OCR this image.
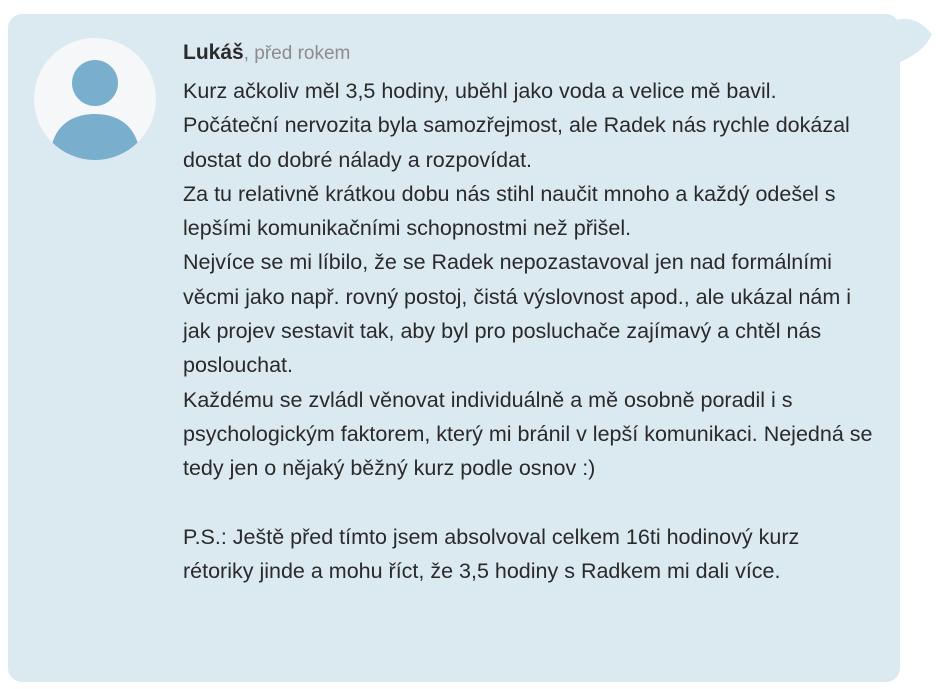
Lukáš, před rokem

Kurz ačkoliv měl 3,5 hodiny, uběhl jako voda a velice mě bavil. Počáteční nervozita byla samozřejmost, ale Radek nás rychle dokázal dostat do dobré nálady a rozpovídat.

Za tu relativně krátkou dobu nás stihl naučit mnoho a každý odešel s lepšími komunikačními schopnostmi než přišel.

Nejvíce se mi líbilo, že se Radek nepozastavoval jen nad formálními věcmi jako např. rovný postoj, čistá výslovnost apod., ale ukázal nám i jak projev sestavit tak, aby byl pro posluchače zajímavý a chtěl nás poslouchat.

Každému se zvládl věnovat individuálně a mě osobně poradil i s psychologickým faktorem, který mi bránil v lepší komunikaci. Nejedná se tedy jen o nějaký běžný kurz podle osnov :)

P.S.: Ještě před tímto jsem absolvoval celkem 16ti hodinový kurz rétoriky jinde a mohu říct, že 3,5 hodiny s Radkem mi dali více.
